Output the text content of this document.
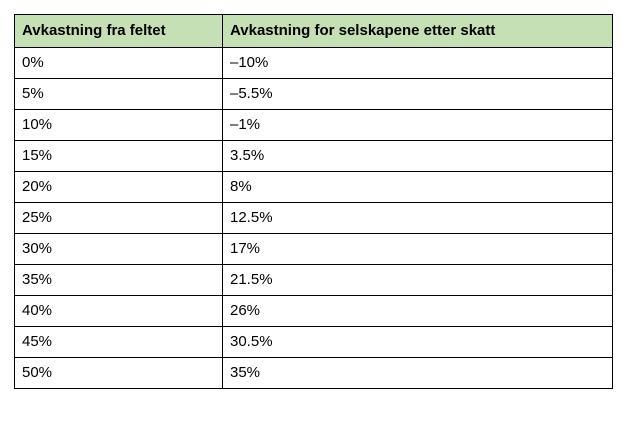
Avkastning fra feltet	Avkastning for selskapene etter skatt
0%	–10%
5%	–5.5%
10%	–1%
15%	3.5%
20%	8%
25%	12.5%
30%	17%
35%	21.5%
40%	26%
45%	30.5%
50%	35%
